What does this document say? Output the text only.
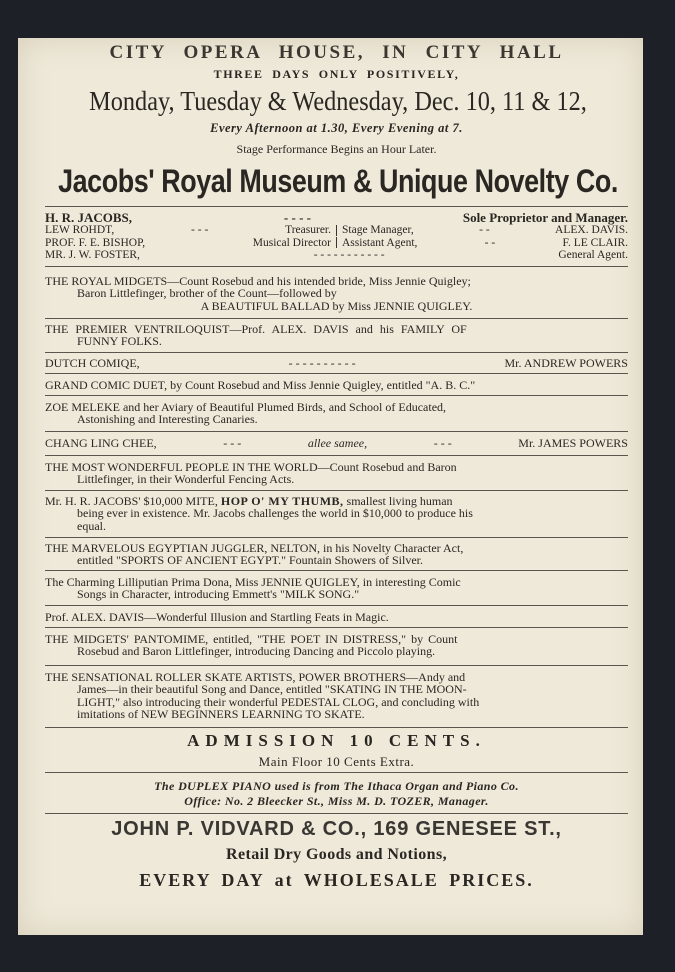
CITY OPERA HOUSE, IN CITY HALL
THREE DAYS ONLY POSITIVELY,
Monday, Tuesday & Wednesday, Dec. 10, 11 & 12,
Every Afternoon at 1.30, Every Evening at 7.
Stage Performance Begins an Hour Later.
Jacobs' Royal Museum & Unique Novelty Co.
H. R. JACOBS,	- - - -	Sole Proprietor and Manager.
LEW ROHDT,	- - -	Treasurer. Stage Manager,	- -	ALEX. DAVIS.
PROF. F. E. BISHOP,	Musical Director Assistant Agent,	- -	F. LE CLAIR.
MR. J. W. FOSTER,	- - - - - - - - - - -	General Agent.
THE ROYAL MIDGETS—Count Rosebud and his intended bride, Miss Jennie Quigley;
Baron Littlefinger, brother of the Count—followed by
A BEAUTIFUL BALLAD by Miss JENNIE QUIGLEY.
THE PREMIER VENTRILOQUIST—Prof. ALEX. DAVIS and his FAMILY OF
FUNNY FOLKS.
DUTCH COMIQE,	- - - - - - - - - -	Mr. ANDREW POWERS
GRAND COMIC DUET, by Count Rosebud and Miss Jennie Quigley, entitled "A. B. C."
ZOE MELEKE and her Aviary of Beautiful Plumed Birds, and School of Educated,
Astonishing and Interesting Canaries.
CHANG LING CHEE,	- - -	allee samee,	- - -	Mr. JAMES POWERS
THE MOST WONDERFUL PEOPLE IN THE WORLD—Count Rosebud and Baron
Littlefinger, in their Wonderful Fencing Acts.
Mr. H. R. JACOBS' $10,000 MITE, HOP O' MY THUMB, smallest living human
being ever in existence. Mr. Jacobs challenges the world in $10,000 to produce his
equal.
THE MARVELOUS EGYPTIAN JUGGLER, NELTON, in his Novelty Character Act,
entitled "SPORTS OF ANCIENT EGYPT." Fountain Showers of Silver.
The Charming Lilliputian Prima Dona, Miss JENNIE QUIGLEY, in interesting Comic
Songs in Character, introducing Emmett's "MILK SONG."
Prof. ALEX. DAVIS—Wonderful Illusion and Startling Feats in Magic.
THE MIDGETS' PANTOMIME, entitled, "THE POET IN DISTRESS," by Count
Rosebud and Baron Littlefinger, introducing Dancing and Piccolo playing.
THE SENSATIONAL ROLLER SKATE ARTISTS, POWER BROTHERS—Andy and
James—in their beautiful Song and Dance, entitled "SKATING IN THE MOON-
LIGHT," also introducing their wonderful PEDESTAL CLOG, and concluding with
imitations of NEW BEGINNERS LEARNING TO SKATE.
ADMISSION 10 CENTS.
Main Floor 10 Cents Extra.
The DUPLEX PIANO used is from The Ithaca Organ and Piano Co.
Office: No. 2 Bleecker St., Miss M. D. TOZER, Manager.
JOHN P. VIDVARD & CO., 169 GENESEE ST.,
Retail Dry Goods and Notions,
EVERY DAY at WHOLESALE PRICES.
